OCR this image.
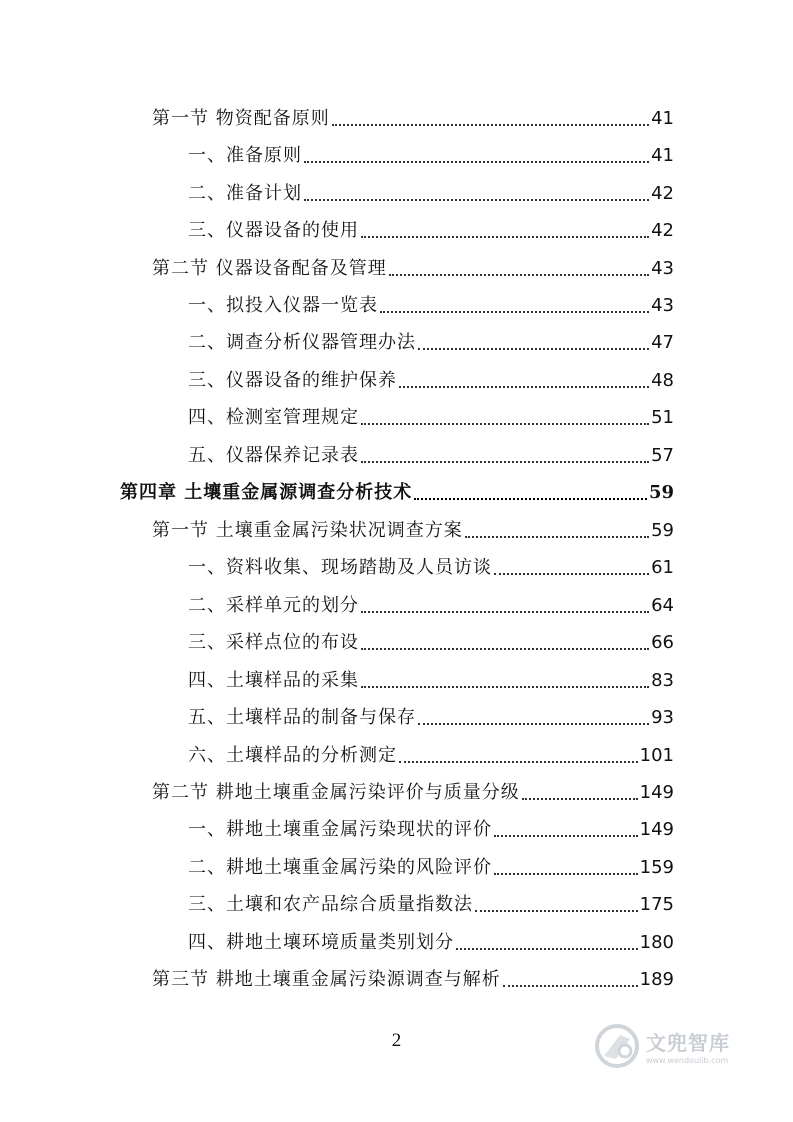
第一节 物资配备原则	41
一、准备原则	41
二、准备计划	42
三、仪器设备的使用	42
第二节 仪器设备配备及管理	43
一、拟投入仪器一览表	43
二、调查分析仪器管理办法	47
三、仪器设备的维护保养	48
四、检测室管理规定	51
五、仪器保养记录表	57
第四章 土壤重金属源调查分析技术	59
第一节 土壤重金属污染状况调查方案	59
一、资料收集、现场踏勘及人员访谈	61
二、采样单元的划分	64
三、采样点位的布设	66
四、土壤样品的采集	83
五、土壤样品的制备与保存	93
六、土壤样品的分析测定	101
第二节 耕地土壤重金属污染评价与质量分级	149
一、耕地土壤重金属污染现状的评价	149
二、耕地土壤重金属污染的风险评价	159
三、土壤和农产品综合质量指数法	175
四、耕地土壤环境质量类别划分	180
第三节 耕地土壤重金属污染源调查与解析	189
2	文兜智库
www.wendoulib.com
